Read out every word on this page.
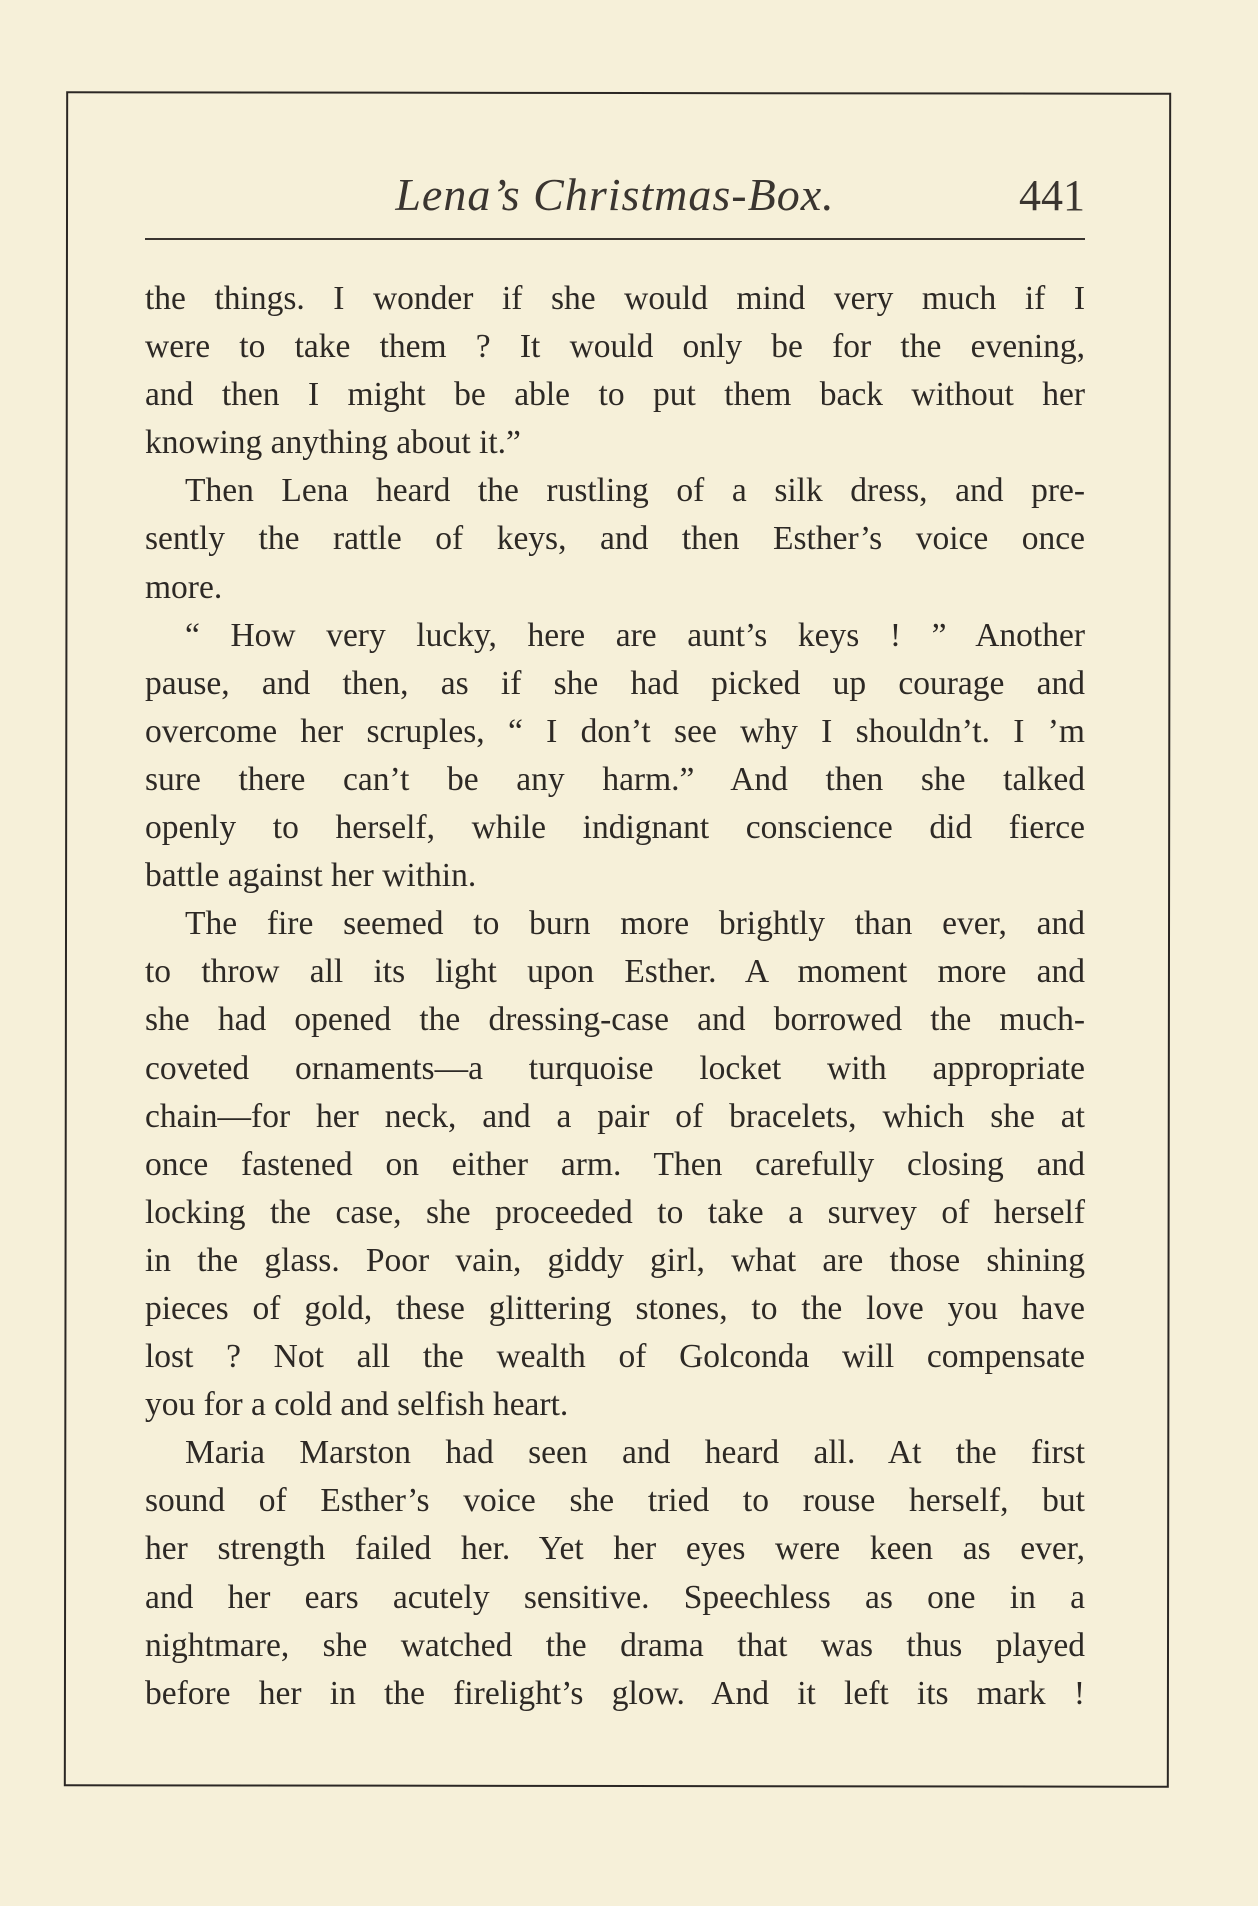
Lena’s Christmas-Box.	441
the things. I wonder if she would mind very much if I
were to take them ? It would only be for the evening,
and then I might be able to put them back without her
knowing anything about it.”
Then Lena heard the rustling of a silk dress, and pre-
sently the rattle of keys, and then Esther’s voice once
more.
“ How very lucky, here are aunt’s keys ! ” Another
pause, and then, as if she had picked up courage and
overcome her scruples, “ I don’t see why I shouldn’t. I ’m
sure there can’t be any harm.” And then she talked
openly to herself, while indignant conscience did fierce
battle against her within.
The fire seemed to burn more brightly than ever, and
to throw all its light upon Esther. A moment more and
she had opened the dressing-case and borrowed the much-
coveted ornaments—a turquoise locket with appropriate
chain—for her neck, and a pair of bracelets, which she at
once fastened on either arm. Then carefully closing and
locking the case, she proceeded to take a survey of herself
in the glass. Poor vain, giddy girl, what are those shining
pieces of gold, these glittering stones, to the love you have
lost ? Not all the wealth of Golconda will compensate
you for a cold and selfish heart.
Maria Marston had seen and heard all. At the first
sound of Esther’s voice she tried to rouse herself, but
her strength failed her. Yet her eyes were keen as ever,
and her ears acutely sensitive. Speechless as one in a
nightmare, she watched the drama that was thus played
before her in the firelight’s glow. And it left its mark !
